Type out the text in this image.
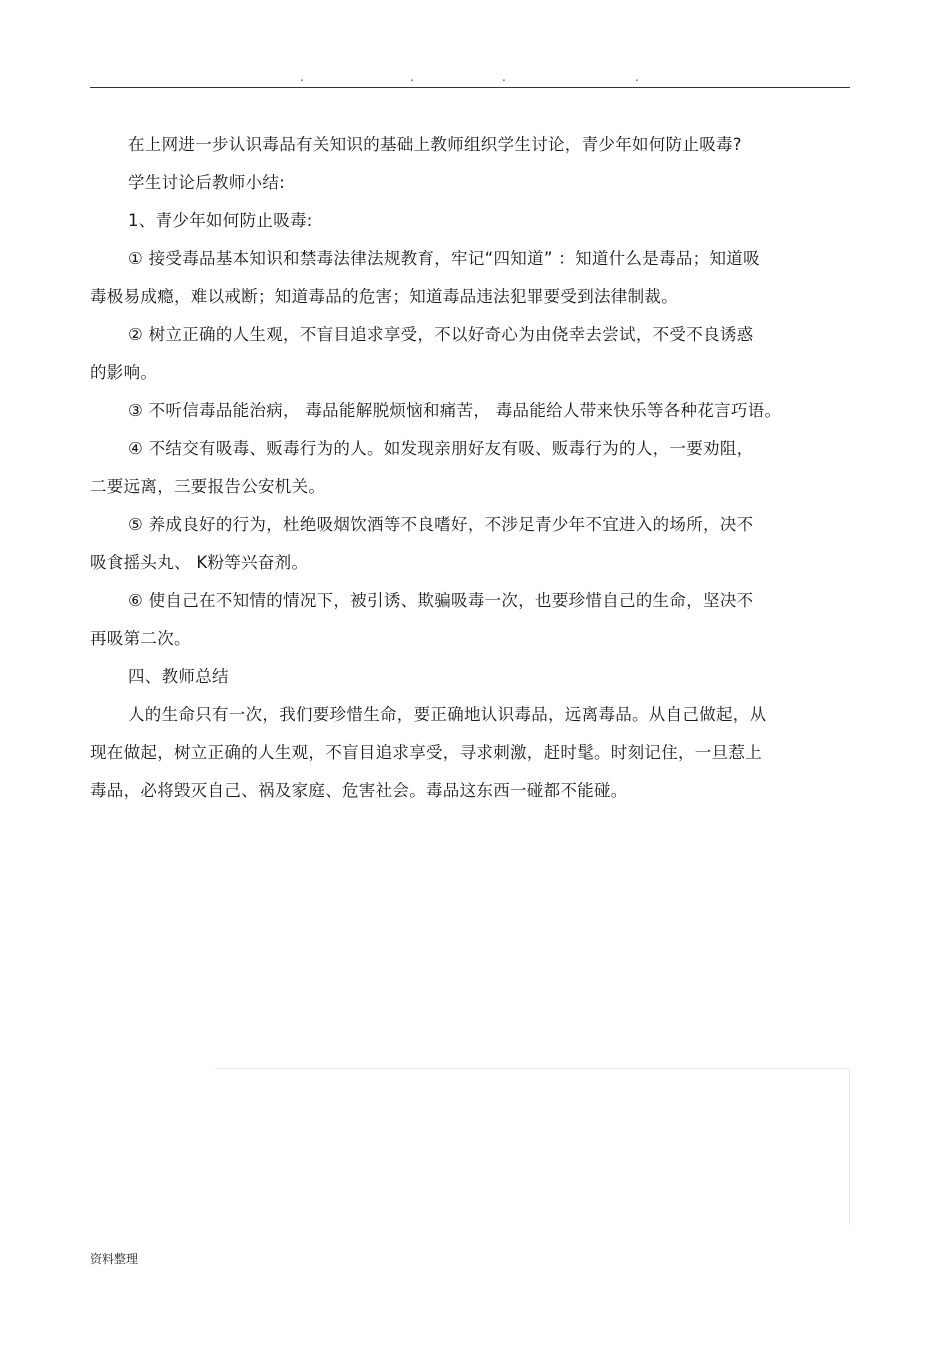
.	.	.	.
在上网进一步认识毒品有关知识的基础上教师组织学生讨论，青少年如何防止吸毒?
学生讨论后教师小结:
1、青少年如何防止吸毒:
① 接受毒品基本知识和禁毒法律法规教育，牢记“四知道” ：知道什么是毒品；知道吸
毒极易成瘾，难以戒断；知道毒品的危害；知道毒品违法犯罪要受到法律制裁。
② 树立正确的人生观，不盲目追求享受，不以好奇心为由侥幸去尝试，不受不良诱惑
的影响。
③ 不听信毒品能治病， 毒品能解脱烦恼和痛苦， 毒品能给人带来快乐等各种花言巧语。
④ 不结交有吸毒、贩毒行为的人。如发现亲朋好友有吸、贩毒行为的人，一要劝阻，
二要远离，三要报告公安机关。
⑤ 养成良好的行为，杜绝吸烟饮酒等不良嗜好，不涉足青少年不宜进入的场所，决不
吸食摇头丸、 K粉等兴奋剂。
⑥ 使自己在不知情的情况下，被引诱、欺骗吸毒一次，也要珍惜自己的生命，坚决不
再吸第二次。
四、教师总结
人的生命只有一次，我们要珍惜生命，要正确地认识毒品，远离毒品。从自己做起，从
现在做起，树立正确的人生观，不盲目追求享受，寻求刺激，赶时髦。时刻记住，一旦惹上
毒品，必将毁灭自己、祸及家庭、危害社会。毒品这东西一碰都不能碰。
资料整理
